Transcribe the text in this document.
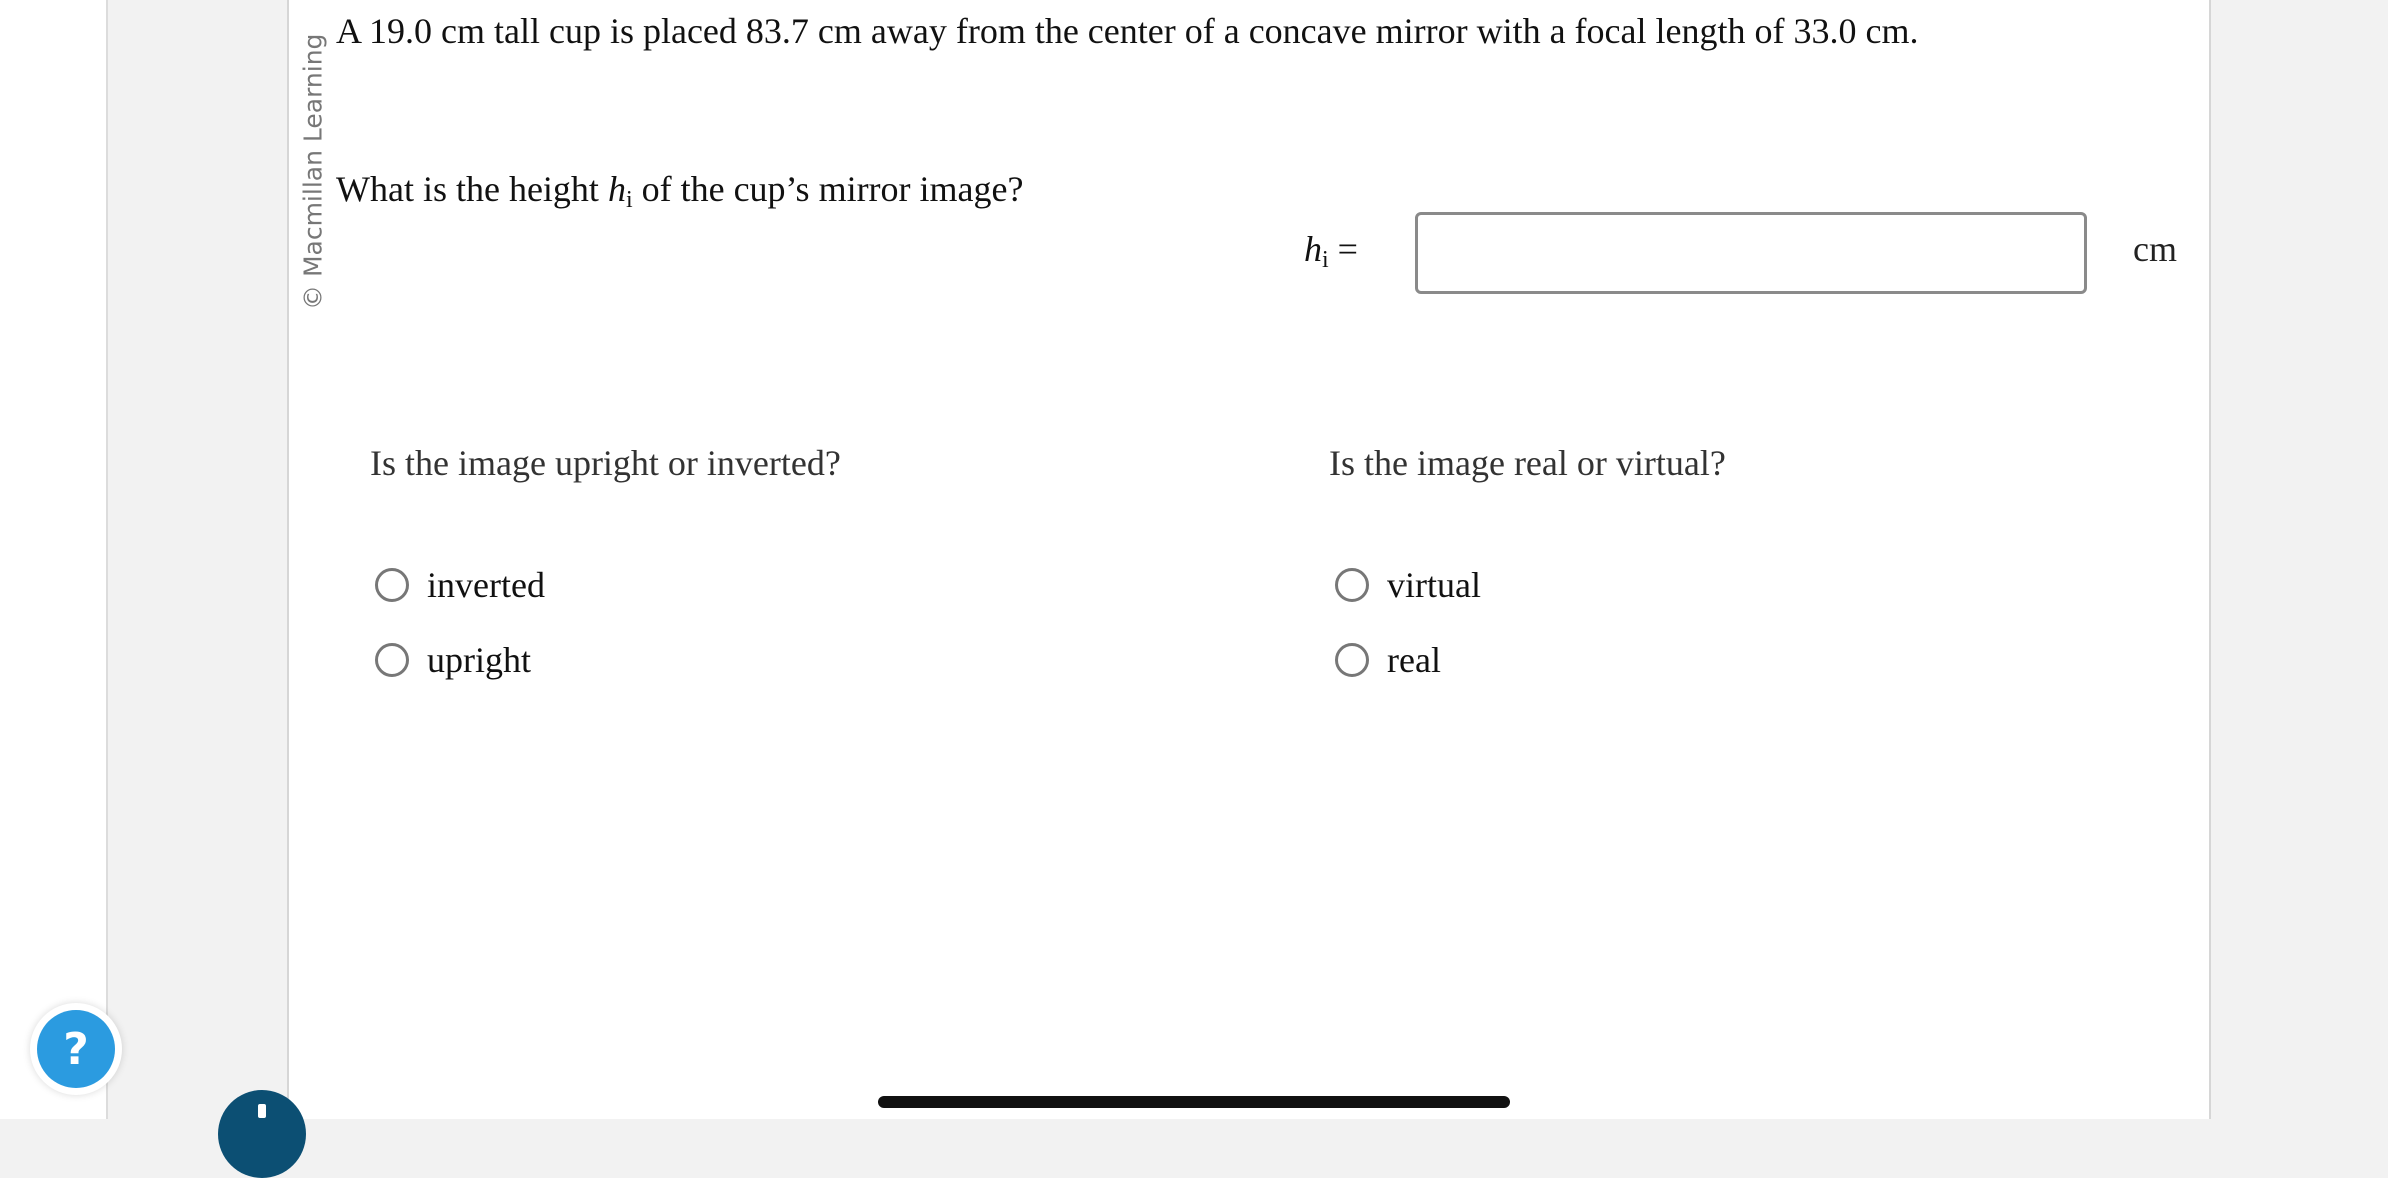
© Macmillan Learning
A 19.0 cm tall cup is placed 83.7 cm away from the center of a concave mirror with a focal length of 33.0 cm.
What is the height $h_i$ of the cup’s mirror image?
$h_i$ =	cm
Is the image upright or inverted?	Is the image real or virtual?
inverted
upright
virtual
real
?
